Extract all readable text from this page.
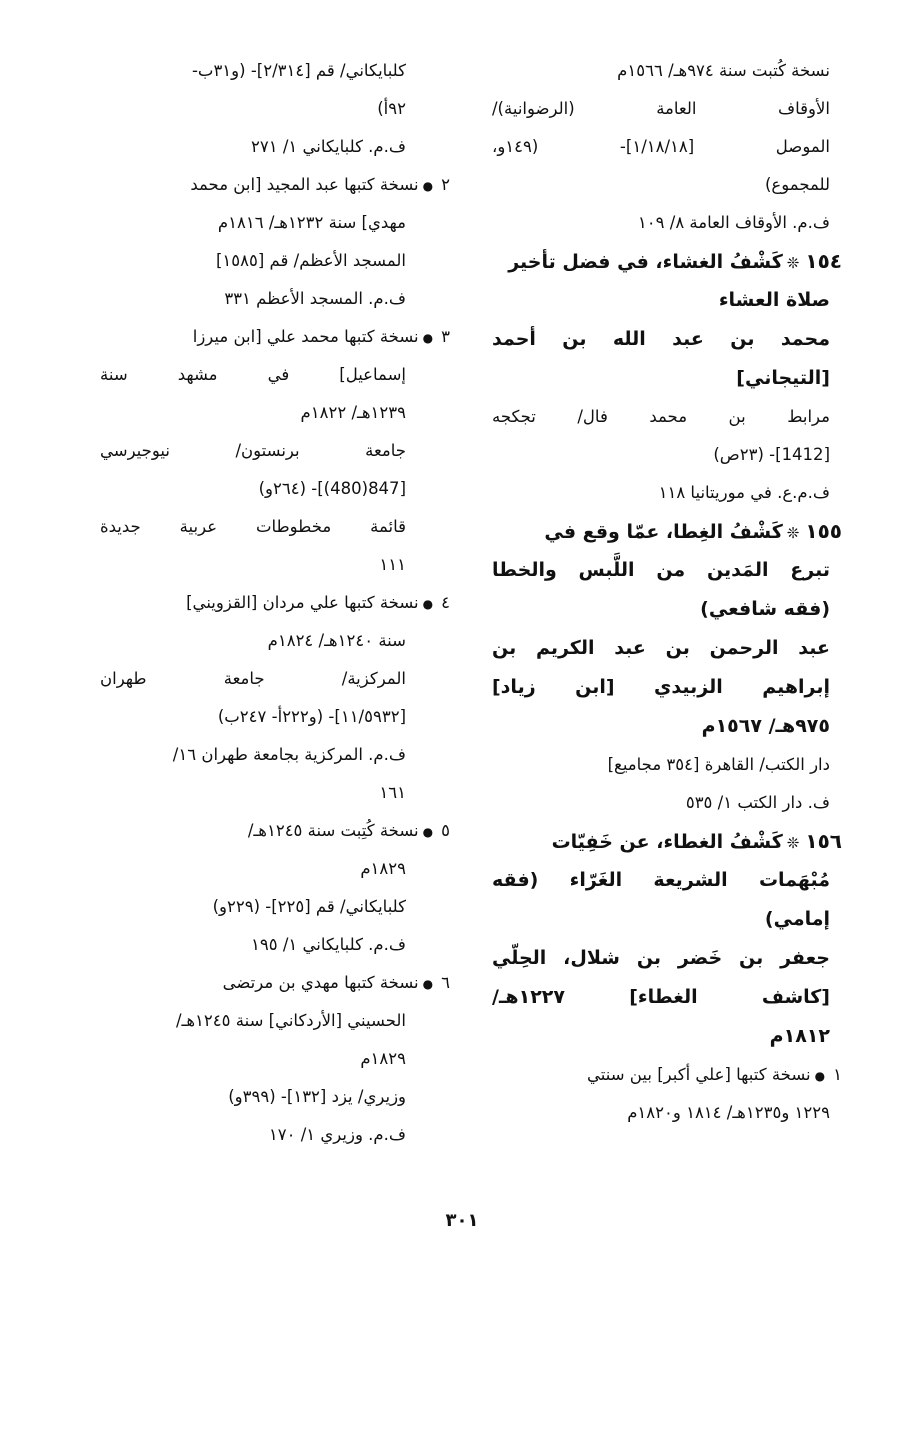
نسخة كُتبت سنة ٩٧٤هـ/ ١٥٦٦م
الأوقاف العامة (الرضوانية)/
الموصل [١/١٨/١٨]- (١٤٩و،
للمجموع)
ف.م. الأوقاف العامة ٨/ ١٠٩
١٥٤❊كَشْفُ الغشاء، في فضل تأخير
صلاة العشاء
محمد بن عبد الله بن أحمد
[التيجاني]
مرابط بن محمد فال/ تجكجه
[1412]- (٢٣ص)
ف.م.ع. في موريتانيا ١١٨
١٥٥❊كَشْفُ الغِطا، عمّا وقع في
تبرع المَدين من اللَّبس والخطا
(فقه شافعي)
عبد الرحمن بن عبد الكريم بن
إبراهيم الزبيدي [ابن زياد]
٩٧٥هـ/ ١٥٦٧م
دار الكتب/ القاهرة [٣٥٤ مجاميع]
ف. دار الكتب ١/ ٥٣٥
١٥٦❊كَشْفُ الغطاء، عن خَفِيّات
مُبْهَمات الشريعة الغَرّاء (فقه
إمامي)
جعفر بن خَضر بن شلال، الحِلّي
[كاشف الغطاء] ١٢٢٧هـ/
١٨١٢م
١●نسخة كتبها [علي أكبر] بين سنتي
١٢٢٩ و١٢٣٥هـ/ ١٨١٤ و١٨٢٠م
كلبايكاني/ قم [٢/٣١٤]- (و٣١ب-
٩٢أ)
ف.م. كلبايكاني ١/ ٢٧١
٢●نسخة كتبها عبد المجيد [ابن محمد
مهدي] سنة ١٢٣٢هـ/ ١٨١٦م
المسجد الأعظم/ قم [١٥٨٥]
ف.م. المسجد الأعظم ٣٣١
٣●نسخة كتبها محمد علي [ابن ميرزا
إسماعيل] في مشهد سنة
١٢٣٩هـ/ ١٨٢٢م
جامعة برنستون/ نيوجيرسي
[847(480)]- (٢٦٤و)
قائمة مخطوطات عربية جديدة
١١١
٤●نسخة كتبها علي مردان [القزويني]
سنة ١٢٤٠هـ/ ١٨٢٤م
المركزية/ جامعة طهران
[١١/٥٩٣٢]- (و٢٢٢أ- ٢٤٧ب)
ف.م. المركزية بجامعة طهران ١٦/
١٦١
٥●نسخة كُتِبت سنة ١٢٤٥هـ/
١٨٢٩م
كلبايكاني/ قم [٢٢٥]- (٢٢٩و)
ف.م. كلبايكاني ١/ ١٩٥
٦●نسخة كتبها مهدي بن مرتضى
الحسيني [الأردكاني] سنة ١٢٤٥هـ/
١٨٢٩م
وزيري/ يزد [١٣٢]- (٣٩٩و)
ف.م. وزيري ١/ ١٧٠
٣٠١
